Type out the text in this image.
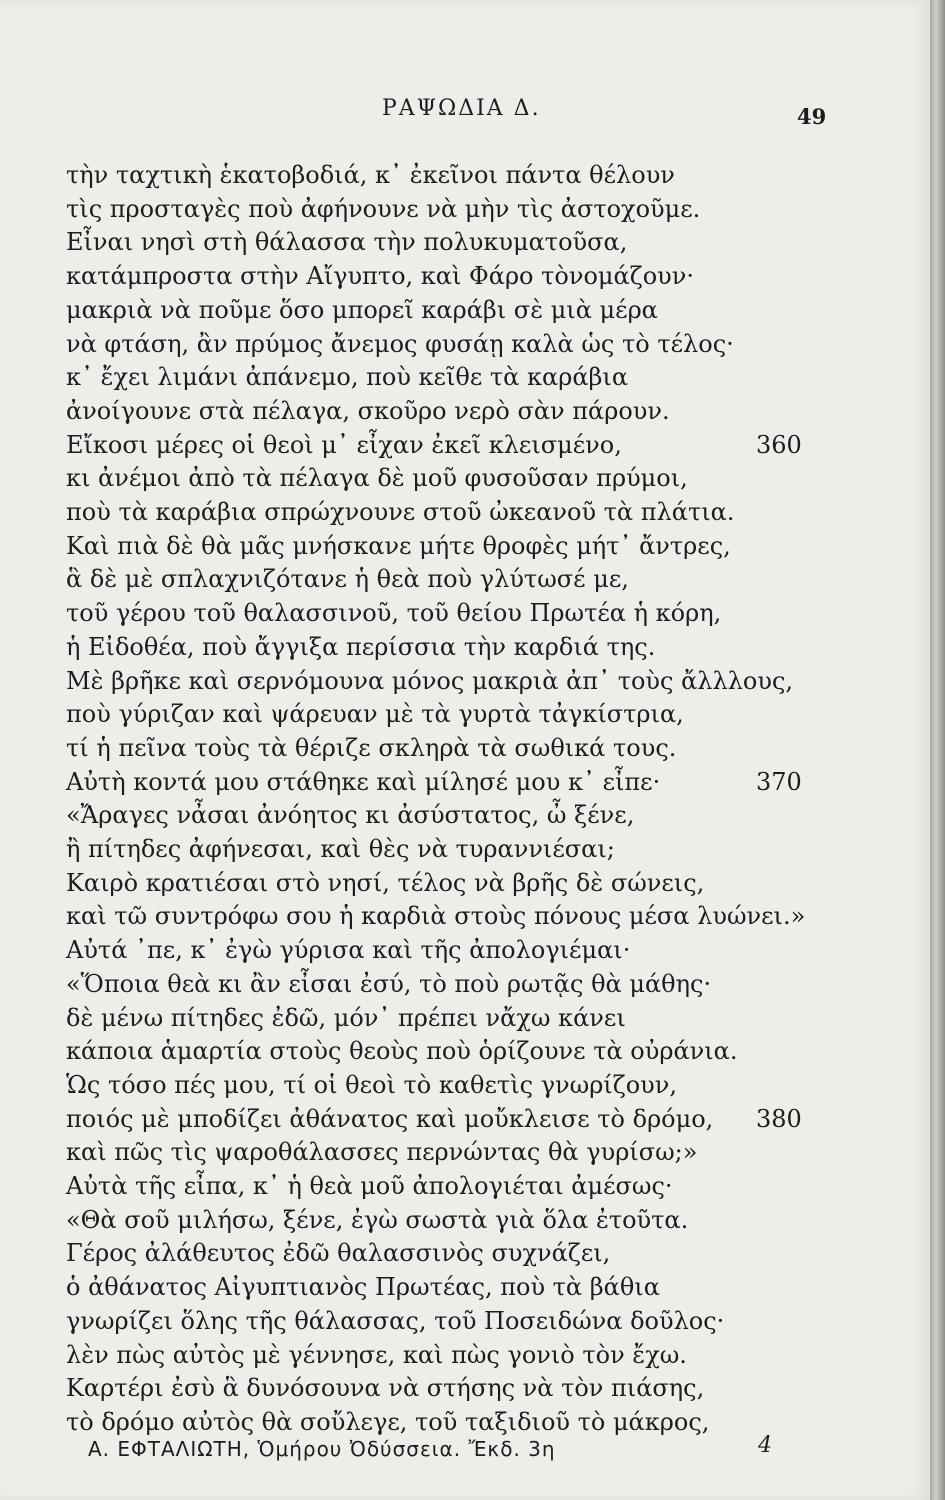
ΡΑΨΩΔΙΑ Δ.	49
τὴν ταχτικὴ ἑκατοβοδιά, κ᾽ ἐκεῖνοι πάντα θέλουν
τὶς προσταγὲς ποὺ ἀφήνουνε νὰ μὴν τὶς ἀστοχοῦμε.
Εἶναι νησὶ στὴ θάλασσα τὴν πολυκυματοῦσα,
κατάμπροστα στὴν Αἴγυπτο, καὶ Φάρο τὸνομάζουν·
μακριὰ νὰ ποῦμε ὅσο μπορεῖ καράβι σὲ μιὰ μέρα
νὰ φτάση, ἂν πρύμος ἄνεμος φυσάῃ καλὰ ὡς τὸ τέλος·
κ᾽ ἔχει λιμάνι ἀπάνεμο, ποὺ κεῖθε τὰ καράβια
ἀνοίγουνε στὰ πέλαγα, σκοῦρο νερὸ σὰν πάρουν.
Εἴκοσι μέρες οἱ θεοὶ μ᾽ εἶχαν ἐκεῖ κλεισμένο,	360
κι ἀνέμοι ἀπὸ τὰ πέλαγα δὲ μοῦ φυσοῦσαν πρύμοι,
ποὺ τὰ καράβια σπρώχνουνε στοῦ ὠκεανοῦ τὰ πλάτια.
Καὶ πιὰ δὲ θὰ μᾶς μνήσκανε μήτε θροφὲς μήτ᾽ ἄντρες,
ἃ δὲ μὲ σπλαχνιζότανε ἡ θεὰ ποὺ γλύτωσέ με,
τοῦ γέρου τοῦ θαλασσινοῦ, τοῦ θείου Πρωτέα ἡ κόρη,
ἡ Εἰδοθέα, ποὺ ἄγγιξα περίσσια τὴν καρδιά της.
Μὲ βρῆκε καὶ σερνόμουνα μόνος μακριὰ ἀπ᾽ τοὺς ἄλλλους,
ποὺ γύριζαν καὶ ψάρευαν μὲ τὰ γυρτὰ τἀγκίστρια,
τί ἡ πεῖνα τοὺς τὰ θέριζε σκληρὰ τὰ σωθικά τους.
Αὐτὴ κοντά μου στάθηκε καὶ μίλησέ μου κ᾽ εἶπε·	370
«Ἄραγες νἆσαι ἀνόητος κι ἀσύστατος, ὦ ξένε,
ἢ πίτηδες ἀφήνεσαι, καὶ θὲς νὰ τυραννιέσαι;
Καιρὸ κρατιέσαι στὸ νησί, τέλος νὰ βρῆς δὲ σώνεις,
καὶ τῶ συντρόφω σου ἡ καρδιὰ στοὺς πόνους μέσα λυώνει.»
Αὐτά ᾽πε, κ᾽ ἐγὼ γύρισα καὶ τῆς ἀπολογιέμαι·
«Ὅποια θεὰ κι ἂν εἶσαι ἐσύ, τὸ ποὺ ρωτᾷς θὰ μάθης·
δὲ μένω πίτηδες ἐδῶ, μόν᾽ πρέπει νἄχω κάνει
κάποια ἁμαρτία στοὺς θεοὺς ποὺ ὁρίζουνε τὰ οὐράνια.
Ὡς τόσο πές μου, τί οἱ θεοὶ τὸ καθετὶς γνωρίζουν,
ποιός μὲ μποδίζει ἀθάνατος καὶ μοὔκλεισε τὸ δρόμο, 380
καὶ πῶς τὶς ψαροθάλασσες περνώντας θὰ γυρίσω;»
Αὐτὰ τῆς εἶπα, κ᾽ ἡ θεὰ μοῦ ἀπολογιέται ἀμέσως·
«Θὰ σοῦ μιλήσω, ξένε, ἐγὼ σωστὰ γιὰ ὅλα ἐτοῦτα.
Γέρος ἀλάθευτος ἐδῶ θαλασσινὸς συχνάζει,
ὁ ἀθάνατος Αἰγυπτιανὸς Πρωτέας, ποὺ τὰ βάθια
γνωρίζει ὅλης τῆς θάλασσας, τοῦ Ποσειδώνα δοῦλος·
λὲν πὼς αὐτὸς μὲ γέννησε, καὶ πὼς γονιὸ τὸν ἔχω.
Καρτέρι ἐσὺ ἃ δυνόσουνα νὰ στήσης νὰ τὸν πιάσης,
τὸ δρόμο αὐτὸς θὰ σοὔλεγε, τοῦ ταξιδιοῦ τὸ μάκρος,
Α. ΕΦΤΑΛΙΩΤΗ, Ὁμήρου Ὀδύσσεια. Ἔκδ. 3η	4
